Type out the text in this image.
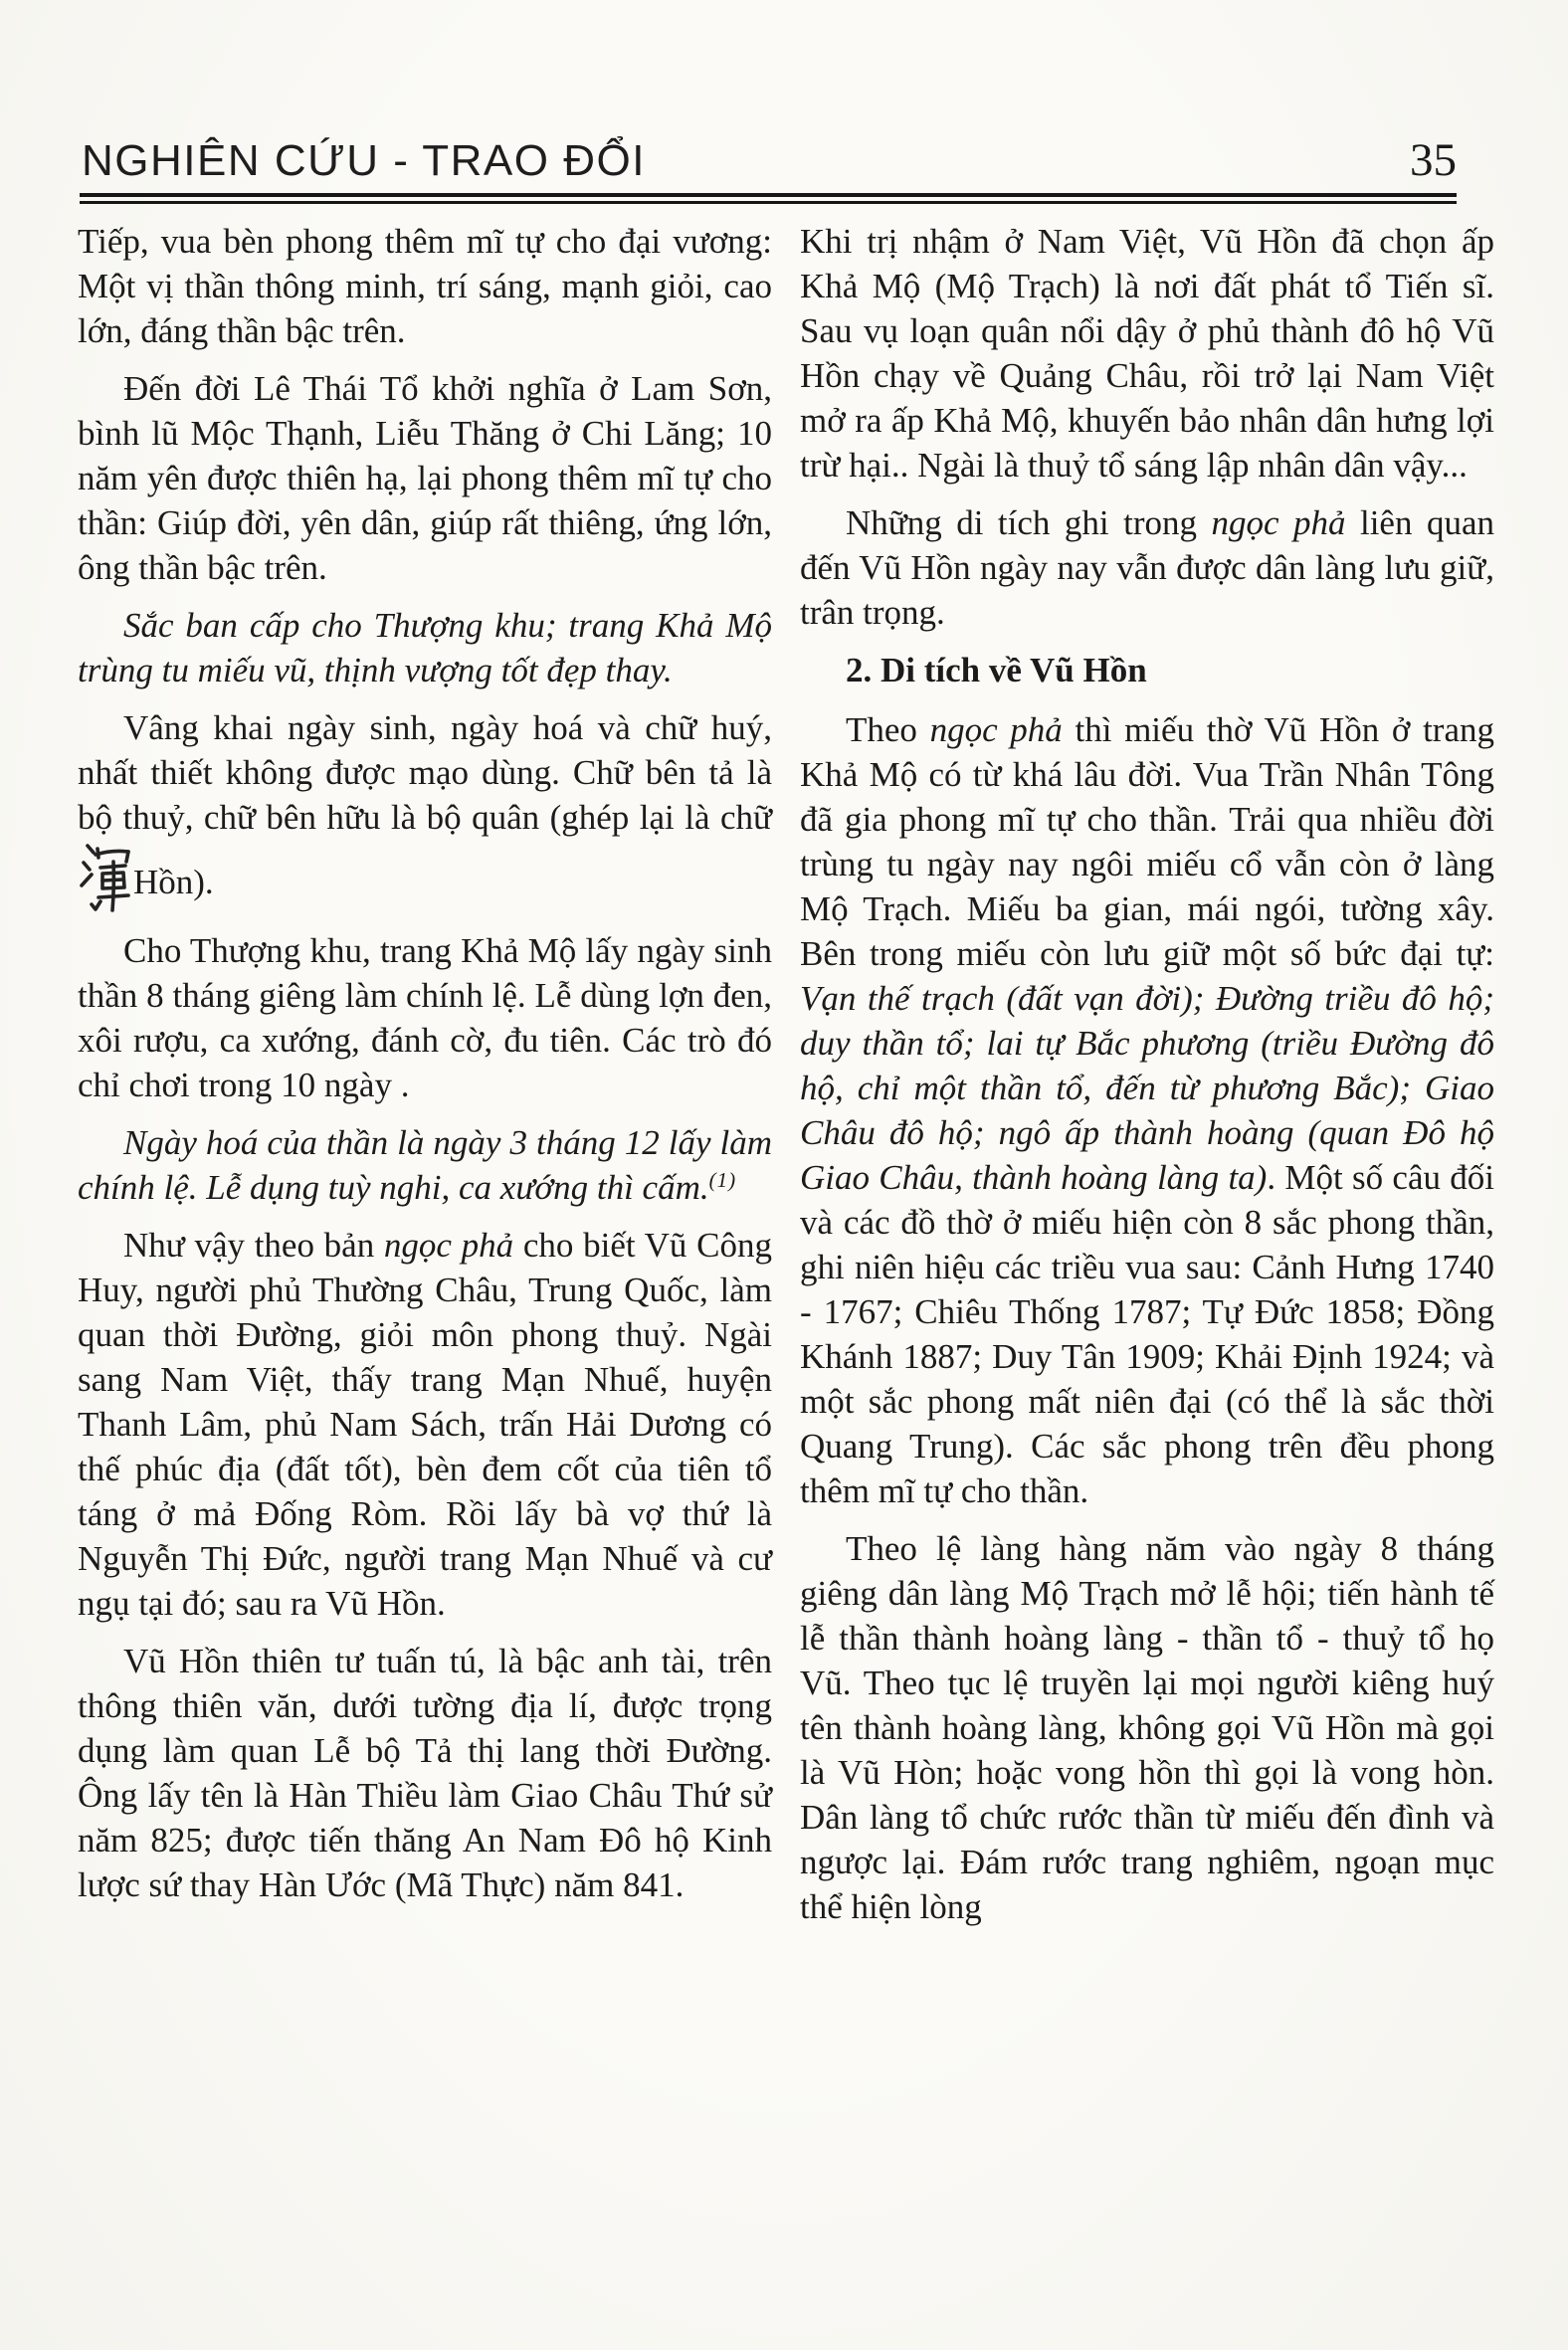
NGHIÊN CỨU - TRAO ĐỔI	35

Tiếp, vua bèn phong thêm mĩ tự cho đại vương: Một vị thần thông minh, trí sáng, mạnh giỏi, cao lớn, đáng thần bậc trên.

Đến đời Lê Thái Tổ khởi nghĩa ở Lam Sơn, bình lũ Mộc Thạnh, Liễu Thăng ở Chi Lăng; 10 năm yên được thiên hạ, lại phong thêm mĩ tự cho thần: Giúp đời, yên dân, giúp rất thiêng, ứng lớn, ông thần bậc trên.

Sắc ban cấp cho Thượng khu; trang Khả Mộ trùng tu miếu vũ, thịnh vượng tốt đẹp thay.

Vâng khai ngày sinh, ngày hoá và chữ huý, nhất thiết không được mạo dùng. Chữ bên tả là bộ thuỷ, chữ bên hữu là bộ quân (ghép lại là chữ
Hồn).

Cho Thượng khu, trang Khả Mộ lấy ngày sinh thần 8 tháng giêng làm chính lệ. Lễ dùng lợn đen, xôi rượu, ca xướng, đánh cờ, đu tiên. Các trò đó chỉ chơi trong 10 ngày .

Ngày hoá của thần là ngày 3 tháng 12 lấy làm chính lệ. Lễ dụng tuỳ nghi, ca xướng thì cấm.$^{(1)}$

Như vậy theo bản ngọc phả cho biết Vũ Công Huy, người phủ Thường Châu, Trung Quốc, làm quan thời Đường, giỏi môn phong thuỷ. Ngài sang Nam Việt, thấy trang Mạn Nhuế, huyện Thanh Lâm, phủ Nam Sách, trấn Hải Dương có thế phúc địa (đất tốt), bèn đem cốt của tiên tổ táng ở mả Đống Ròm. Rồi lấy bà vợ thứ là Nguyễn Thị Đức, người trang Mạn Nhuế và cư ngụ tại đó; sau ra Vũ Hồn.

Vũ Hồn thiên tư tuấn tú, là bậc anh tài, trên thông thiên văn, dưới tường địa lí, được trọng dụng làm quan Lễ bộ Tả thị lang thời Đường. Ông lấy tên là Hàn Thiều làm Giao Châu Thứ sử năm 825; được tiến thăng An Nam Đô hộ Kinh lược sứ thay Hàn Ước (Mã Thực) năm 841.

Khi trị nhậm ở Nam Việt, Vũ Hồn đã chọn ấp Khả Mộ (Mộ Trạch) là nơi đất phát tổ Tiến sĩ. Sau vụ loạn quân nổi dậy ở phủ thành đô hộ Vũ Hồn chạy về Quảng Châu, rồi trở lại Nam Việt mở ra ấp Khả Mộ, khuyến bảo nhân dân hưng lợi trừ hại.. Ngài là thuỷ tổ sáng lập nhân dân vậy...

Những di tích ghi trong ngọc phả liên quan đến Vũ Hồn ngày nay vẫn được dân làng lưu giữ, trân trọng.

2. Di tích về Vũ Hồn

Theo ngọc phả thì miếu thờ Vũ Hồn ở trang Khả Mộ có từ khá lâu đời. Vua Trần Nhân Tông đã gia phong mĩ tự cho thần. Trải qua nhiều đời trùng tu ngày nay ngôi miếu cổ vẫn còn ở làng Mộ Trạch. Miếu ba gian, mái ngói, tường xây. Bên trong miếu còn lưu giữ một số bức đại tự: Vạn thế trạch (đất vạn đời); Đường triều đô hộ; duy thần tổ; lai tự Bắc phương (triều Đường đô hộ, chỉ một thần tổ, đến từ phương Bắc); Giao Châu đô hộ; ngô ấp thành hoàng (quan Đô hộ Giao Châu, thành hoàng làng ta). Một số câu đối và các đồ thờ ở miếu hiện còn 8 sắc phong thần, ghi niên hiệu các triều vua sau: Cảnh Hưng 1740 - 1767; Chiêu Thống 1787; Tự Đức 1858; Đồng Khánh 1887; Duy Tân 1909; Khải Định 1924; và một sắc phong mất niên đại (có thể là sắc thời Quang Trung). Các sắc phong trên đều phong thêm mĩ tự cho thần.

Theo lệ làng hàng năm vào ngày 8 tháng giêng dân làng Mộ Trạch mở lễ hội; tiến hành tế lễ thần thành hoàng làng - thần tổ - thuỷ tổ họ Vũ. Theo tục lệ truyền lại mọi người kiêng huý tên thành hoàng làng, không gọi Vũ Hồn mà gọi là Vũ Hòn; hoặc vong hồn thì gọi là vong hòn. Dân làng tổ chức rước thần từ miếu đến đình và ngược lại. Đám rước trang nghiêm, ngoạn mục thể hiện lòng
